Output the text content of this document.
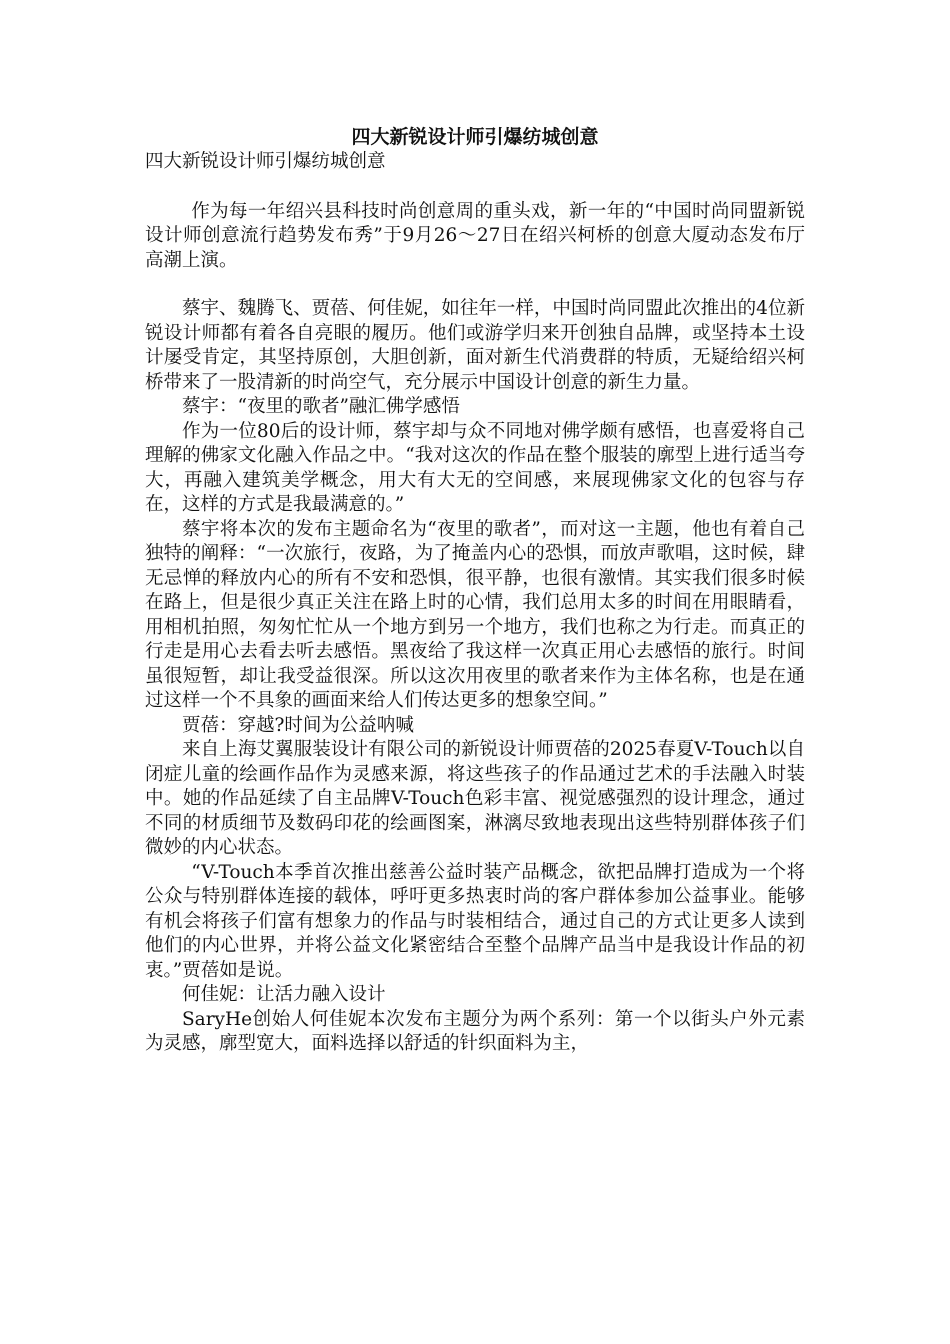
四大新锐设计师引爆纺城创意

四大新锐设计师引爆纺城创意

作为每一年绍兴县科技时尚创意周的重头戏，新一年的“中国时尚同盟新锐设计师创意流行趋势发布秀”于9月26～27日在绍兴柯桥的创意大厦动态发布厅高潮上演。

蔡宇、魏腾飞、贾蓓、何佳妮，如往年一样，中国时尚同盟此次推出的4位新锐设计师都有着各自亮眼的履历。他们或游学归来开创独自品牌，或坚持本土设计屡受肯定，其坚持原创，大胆创新，面对新生代消费群的特质，无疑给绍兴柯桥带来了一股清新的时尚空气，充分展示中国设计创意的新生力量。

蔡宇：“夜里的歌者”融汇佛学感悟

作为一位80后的设计师，蔡宇却与众不同地对佛学颇有感悟，也喜爱将自己理解的佛家文化融入作品之中。“我对这次的作品在整个服装的廓型上进行适当夸大，再融入建筑美学概念，用大有大无的空间感，来展现佛家文化的包容与存在，这样的方式是我最满意的。”

蔡宇将本次的发布主题命名为“夜里的歌者”，而对这一主题，他也有着自己独特的阐释：“一次旅行，夜路，为了掩盖内心的恐惧，而放声歌唱，这时候，肆无忌惮的释放内心的所有不安和恐惧，很平静，也很有激情。其实我们很多时候在路上，但是很少真正关注在路上时的心情，我们总用太多的时间在用眼睛看，用相机拍照，匆匆忙忙从一个地方到另一个地方，我们也称之为行走。而真正的行走是用心去看去听去感悟。黑夜给了我这样一次真正用心去感悟的旅行。时间虽很短暂，却让我受益很深。所以这次用夜里的歌者来作为主体名称，也是在通过这样一个不具象的画面来给人们传达更多的想象空间。”

贾蓓：穿越?时间为公益呐喊

来自上海艾翼服装设计有限公司的新锐设计师贾蓓的2025春夏V-Touch以自闭症儿童的绘画作品作为灵感来源，将这些孩子的作品通过艺术的手法融入时装中。她的作品延续了自主品牌V-Touch色彩丰富、视觉感强烈的设计理念，通过不同的材质细节及数码印花的绘画图案，淋漓尽致地表现出这些特别群体孩子们微妙的内心状态。

“V-Touch本季首次推出慈善公益时装产品概念，欲把品牌打造成为一个将公众与特别群体连接的载体，呼吁更多热衷时尚的客户群体参加公益事业。能够有机会将孩子们富有想象力的作品与时装相结合，通过自己的方式让更多人读到他们的内心世界，并将公益文化紧密结合至整个品牌产品当中是我设计作品的初衷。”贾蓓如是说。

何佳妮：让活力融入设计

SaryHe创始人何佳妮本次发布主题分为两个系列：第一个以街头户外元素为灵感，廓型宽大，面料选择以舒适的针织面料为主，
